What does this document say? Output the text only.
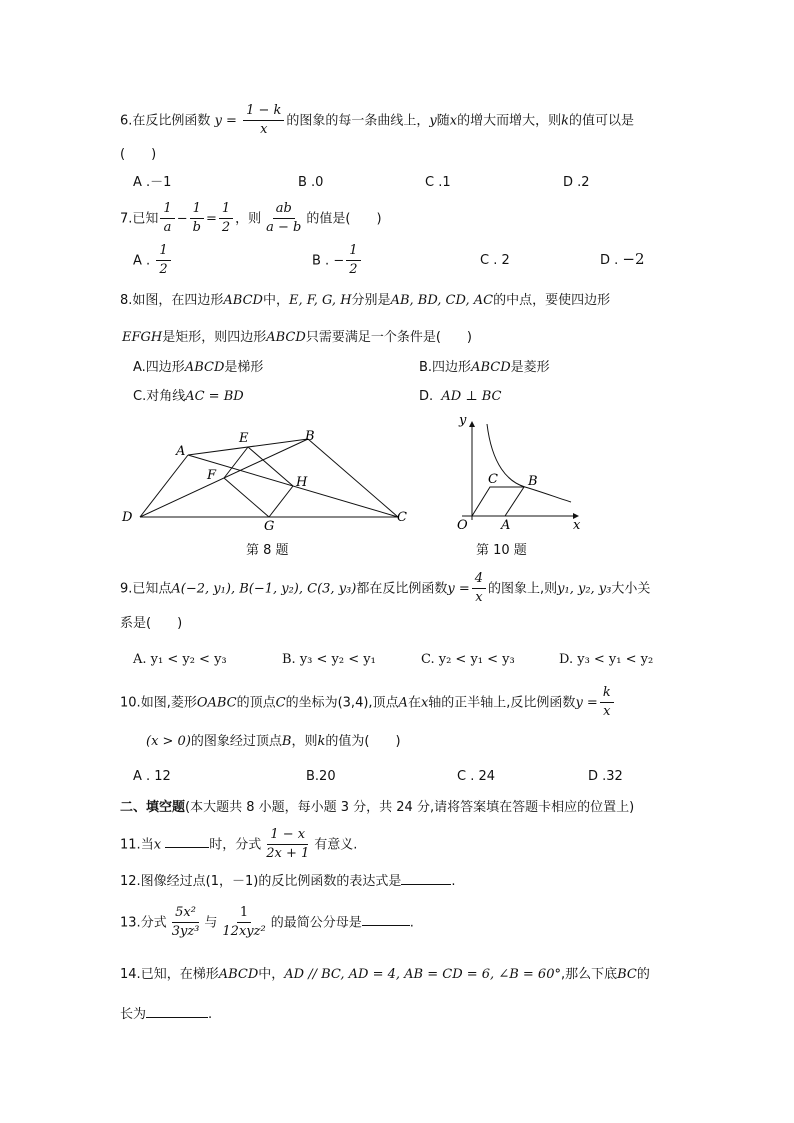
6.在反比例函数 $y = \frac{1 - k}{x}$ 的图象的每一条曲线上，y随x的增大而增大，则k的值可以是
(　　)
A .－1	B .0	C .1	D .2
7.已知 $\frac{1}{a} - \frac{1}{b} = \frac{1}{2}$ ，则 $\frac{ab}{a - b}$ 的值是(　　)
A . $\frac{1}{2}$	B . − $\frac{1}{2}$	C . 2	D . −2
8.如图，在四边形ABCD中，E, F, G, H分别是AB, BD, CD, AC的中点，要使四边形
EFGH是矩形，则四边形ABCD只需要满足一个条件是(　　)
A.四边形ABCD是梯形	B.四边形ABCD是菱形
C.对角线AC = BD	D. AD ⊥ BC
A
B
C
D
E
F
G
H
第 8 题
y
x
O	A
B
C
第 10 题
9.已知点A(−2, y₁), B(−1, y₂), C(3, y₃)都在反比例函数$y = \frac{4}{x}$ 的图象上,则y₁, y₂, y₃大小关
系是(　　)
A. y₁ < y₂ < y₃	B. y₃ < y₂ < y₁	C. y₂ < y₁ < y₃	D. y₃ < y₁ < y₂
10.如图,菱形OABC的顶点C的坐标为(3,4),顶点A在x轴的正半轴上,反比例函数$y = \frac{k}{x}$
(x > 0)的图象经过顶点B，则k的值为(　　)
A . 12	B.20	C . 24	D .32
二、填空题(本大题共 8 小题，每小题 3 分，共 24 分,请将答案填在答题卡相应的位置上)
11.当x	时，分式 $\frac{1 - x}{2x + 1}$ 有意义.
12.图像经过点(1，－1)的反比例函数的表达式是	.
13.分式 $\frac{\text{5x²}}{\text{3yz³}}$ 与 $\frac{1}{\text{12xyz²}}$ 的最简公分母是	.
14.已知，在梯形ABCD中，AD // BC, AD = 4, AB = CD = 6, ∠B = 60°,那么下底BC的
长为	.
